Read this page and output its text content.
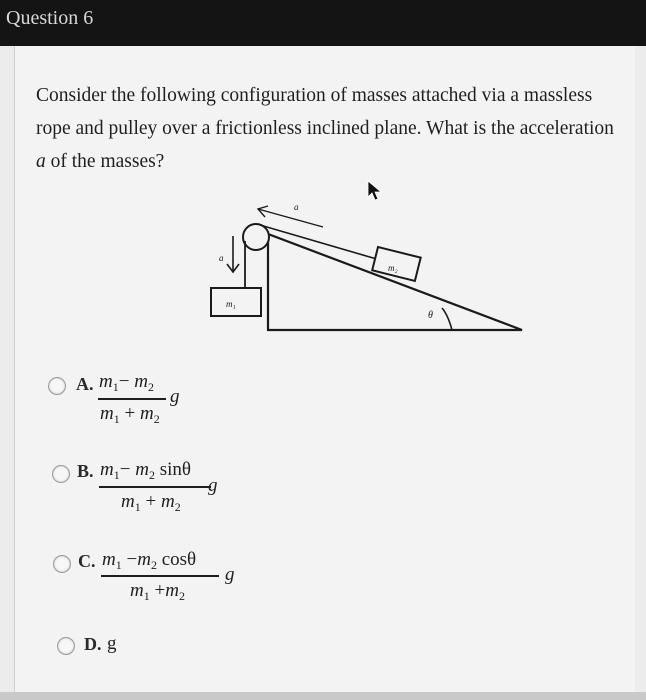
Question 6
Consider the following configuration of masses attached via a massless rope and pulley over a frictionless inclined plane. What is the acceleration a of the masses?
a
a
m₁
m₂
θ
A. $m_1- m_2$
$m_1 + m_2$
g
B. $m_1- m_2$ sinθ
$m_1 + m_2$
g
C. $m_1 -m_2$ cosθ
$m_1 +m_2$
g
D. g
